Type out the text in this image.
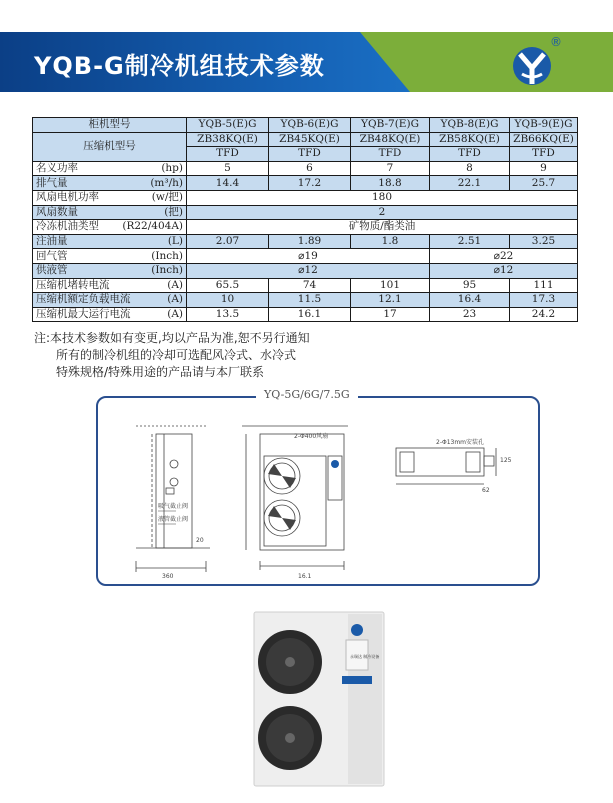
YQB-G制冷机组技术参数
®
柜机型号	YQB-5(E)G	YQB-6(E)G	YQB-7(E)G	YQB-8(E)G	YQB-9(E)G
压缩机型号	ZB38KQ(E)	ZB45KQ(E)	ZB48KQ(E)	ZB58KQ(E)	ZB66KQ(E)
	TFD	TFD	TFD	TFD	TFD

名义功率 (hp)	5	6	7	8	9

排气量 (m³/h)	14.4	17.2	18.8	22.1	25.7

风扇电机功率 (w/把)	180				

风扇数量 (把)	2				

冷冻机油类型 (R22/404A)	矿物质/酯类油				

注油量 (L)	2.07	1.89	1.8	2.51	3.25

回气管 (Inch)	⌀19			⌀22	

供液管 (Inch)	⌀12			⌀12	

压缩机堵转电流 (A)	65.5	74	101	95	111

压缩机额定负载电流 (A)	10	11.5	12.1	16.4	17.3

压缩机最大运行电流 (A)	13.5	16.1	17	23	24.2
注:本技术参数如有变更,均以产品为准,恕不另行通知
所有的制冷机组的冷却可选配风冷式、水冷式
特殊规格/特殊用途的产品请与本厂联系
YQ-5G/6G/7.5G
吸气截止阀
液管截止阀
360
20
2-Φ400风扇
16.1
2-Φ13mm安装孔
125
62
永瑞达 制冷设备
